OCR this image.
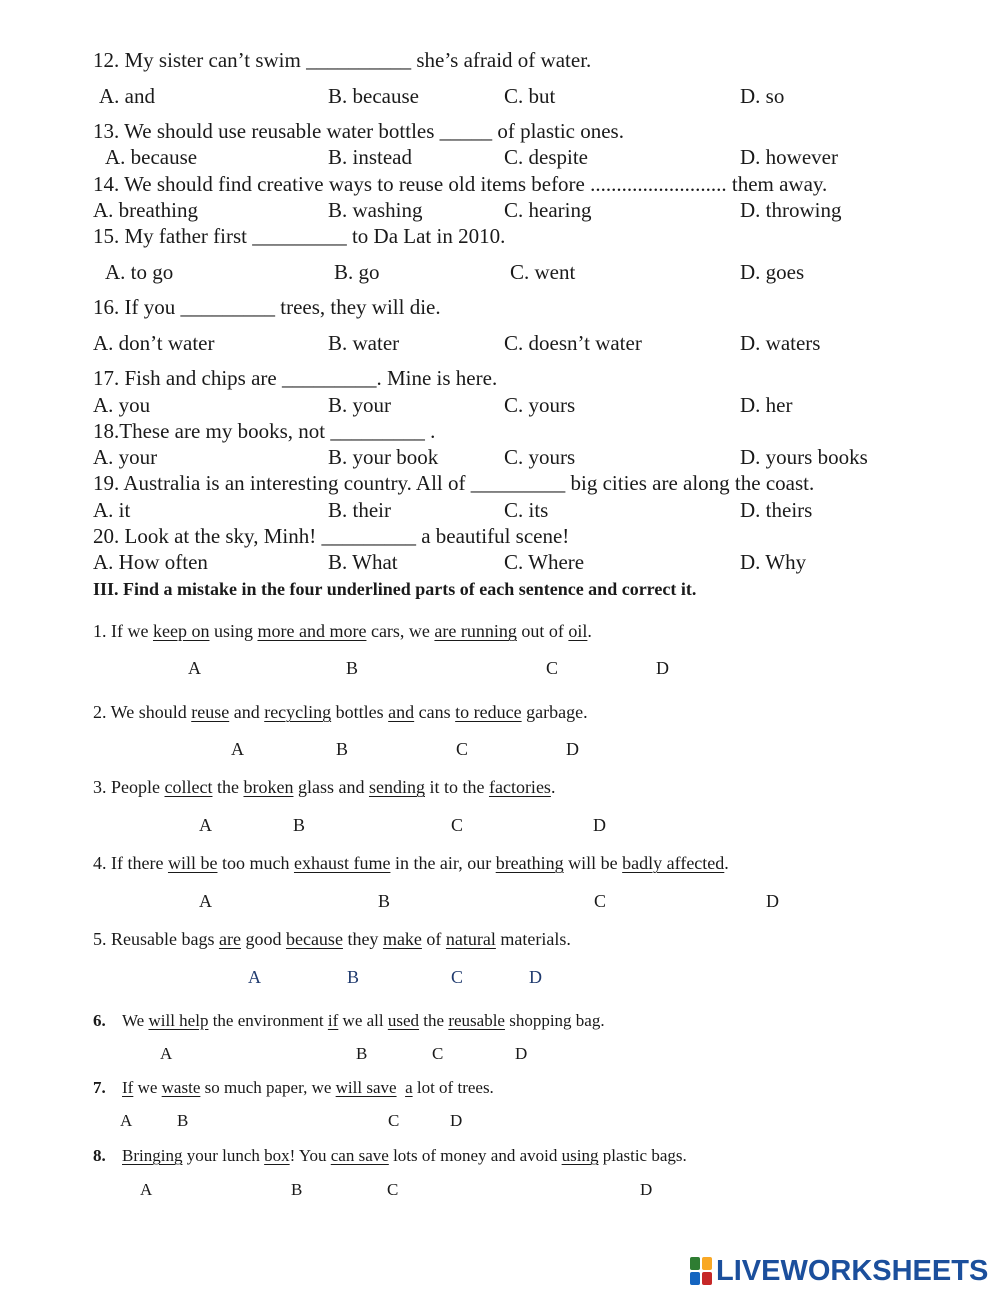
12. My sister can’t swim __________ she’s afraid of water.
A. and	B. because	C. but	D. so
13. We should use reusable water bottles _____ of plastic ones.
A. because	B. instead	C. despite	D. however
14. We should find creative ways to reuse old items before .......................... them away.
A. breathing	B. washing	C. hearing	D. throwing
15. My father first _________ to Da Lat in 2010.
A. to go	B. go	C. went	D. goes
16. If you _________ trees, they will die.
A. don’t water	B. water	C. doesn’t water	D. waters
17. Fish and chips are _________. Mine is here.
A. you	B. your	C. yours	D. her
18.These are my books, not _________ .
A. your	B. your book	C. yours	D. yours books
19. Australia is an interesting country. All of _________ big cities are along the coast.
A. it	B. their	C. its	D. theirs
20. Look at the sky, Minh! _________ a beautiful scene!
A. How often	B. What	C. Where	D. Why
III. Find a mistake in the four underlined parts of each sentence and correct it.
1. If we keep on using more and more cars, we are running out of oil.
A	B	C	D
2. We should reuse and recycling bottles and cans to reduce garbage.
A	B	C	D
3. People collect the broken glass and sending it to the factories.
A	B	C	D
4. If there will be too much exhaust fume in the air, our breathing will be badly affected.
A	B	C	D
5. Reusable bags are good because they make of natural materials.
A	B	C	D
6. We will help the environment if we all used the reusable shopping bag.
A	B	C	D
7. If we waste so much paper, we will save a lot of trees.
A	B	C	D
8. Bringing your lunch box! You can save lots of money and avoid using plastic bags.
A	B	C	D
LIVEWORKSHEETS
